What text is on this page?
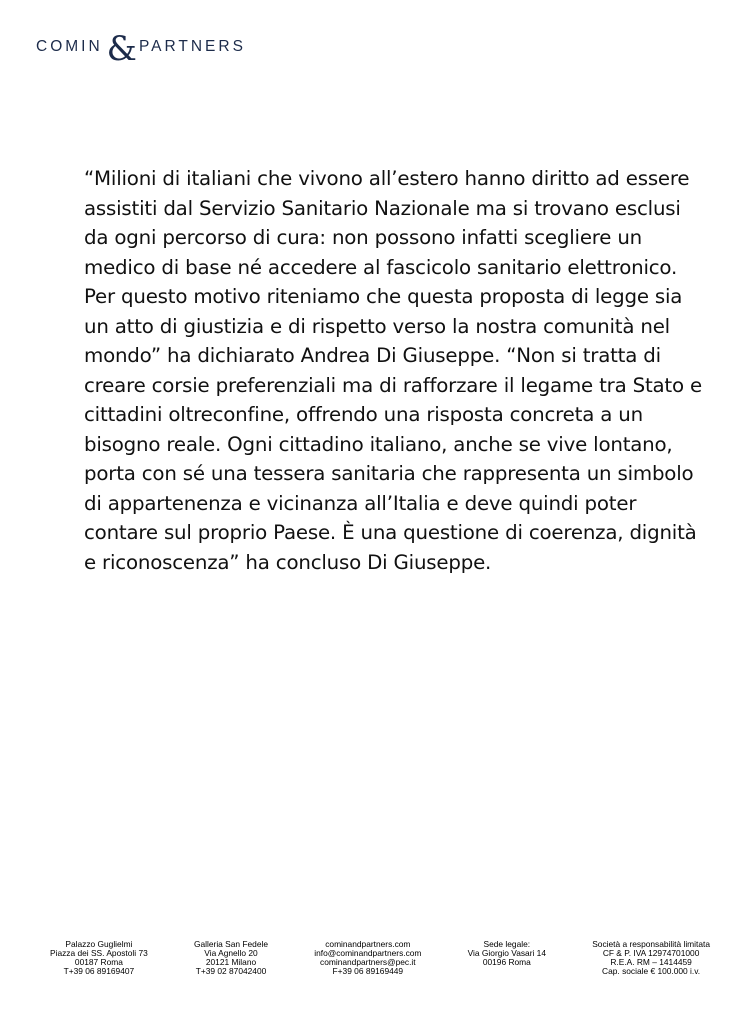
COMIN & PARTNERS

“Milioni di italiani che vivono all’estero hanno diritto ad essere assistiti dal Servizio Sanitario Nazionale ma si trovano esclusi da ogni percorso di cura: non possono infatti scegliere un medico di base né accedere al fascicolo sanitario elettronico. Per questo motivo riteniamo che questa proposta di legge sia un atto di giustizia e di rispetto verso la nostra comunità nel mondo” ha dichiarato Andrea Di Giuseppe. “Non si tratta di creare corsie preferenziali ma di rafforzare il legame tra Stato e cittadini oltreconfine, offrendo una risposta concreta a un bisogno reale. Ogni cittadino italiano, anche se vive lontano, porta con sé una tessera sanitaria che rappresenta un simbolo di appartenenza e vicinanza all’Italia e deve quindi poter contare sul proprio Paese. È una questione di coerenza, dignità e riconoscenza” ha concluso Di Giuseppe.

Palazzo Guglielmi
Piazza dei SS. Apostoli 73
00187 Roma
T+39 06 89169407
Galleria San Fedele
Via Agnello 20
20121 Milano
T+39 02 87042400
cominandpartners.com
info@cominandpartners.com
cominandpartners@pec.it
F+39 06 89169449
Sede legale:
Via Giorgio Vasari 14
00196 Roma
Società a responsabilità limitata
CF & P. IVA 12974701000
R.E.A. RM – 1414459
Cap. sociale € 100.000 i.v.
